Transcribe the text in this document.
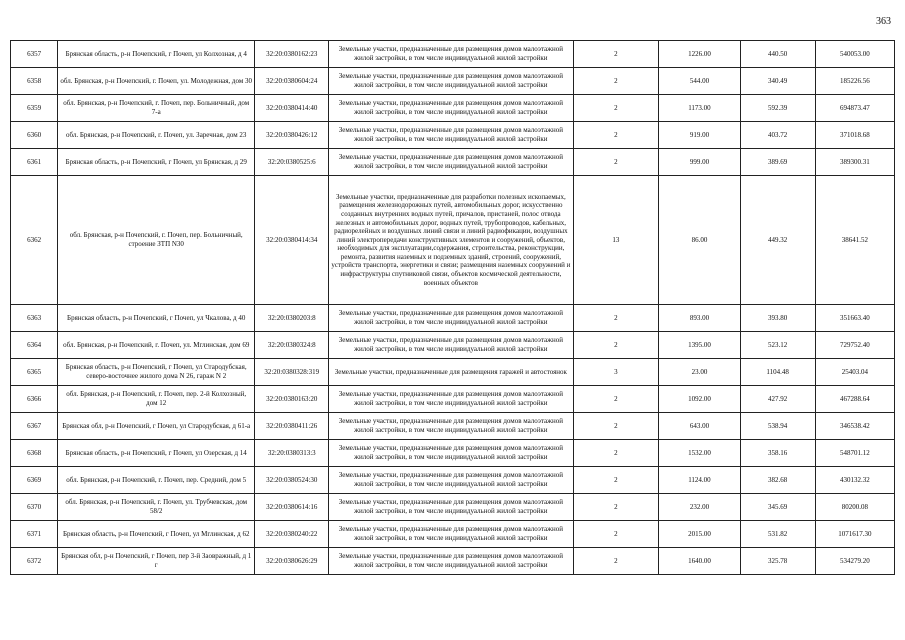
363
6357	Брянская область, р-н Почепский, г Почеп, ул Колхозная, д 4	32:20:0380162:23	Земельные участки, предназначенные для размещения домов малоэтажной жилой застройки, в том числе индивидуальной жилой застройки	2	1226.00	440.50	540053.00
6358	обл. Брянская, р-н Почепский, г. Почеп, ул. Молодежная, дом 30	32:20:0380604:24	Земельные участки, предназначенные для размещения домов малоэтажной жилой застройки, в том числе индивидуальной жилой застройки	2	544.00	340.49	185226.56
6359	обл. Брянская, р-н Почепский, г. Почеп, пер. Больничный, дом 7-а	32:20:0380414:40	Земельные участки, предназначенные для размещения домов малоэтажной жилой застройки, в том числе индивидуальной жилой застройки	2	1173.00	592.39	694873.47
6360	обл. Брянская, р-н Почепский, г. Почеп, ул. Заречная, дом 23	32:20:0380426:12	Земельные участки, предназначенные для размещения домов малоэтажной жилой застройки, в том числе индивидуальной жилой застройки	2	919.00	403.72	371018.68
6361	Брянская область, р-н Почепский, г Почеп, ул Брянская, д 29	32:20:0380525:6	Земельные участки, предназначенные для размещения домов малоэтажной жилой застройки, в том числе индивидуальной жилой застройки	2	999.00	389.69	389300.31
6362	обл. Брянская, р-н Почепский, г. Почеп, пер. Больничный, строение ЗТП N30	32:20:0380414:34	Земельные участки, предназначенные для разработки полезных ископаемых, размещения железнодорожных путей, автомобильных дорог, искусственно созданных внутренних водных путей, причалов, пристаней, полос отвода железных и автомобильных дорог, водных путей, трубопроводов, кабельных, радиорелейных и воздушных линий связи и линий радиофикации, воздушных линий электропередачи конструктивных элементов и сооружений, объектов, необходимых для эксплуатации,содержания, строительства, реконструкции, ремонта, развития наземных и подземных зданий, строений, сооружений, устройств транспорта, энергетики и связи; размещения наземных сооружений и инфраструктуры спутниковой связи, объектов космической деятельности, военных объектов	13	86.00	449.32	38641.52
6363	Брянская область, р-н Почепский, г Почеп, ул Чкалова, д 40	32:20:0380203:8	Земельные участки, предназначенные для размещения домов малоэтажной жилой застройки, в том числе индивидуальной жилой застройки	2	893.00	393.80	351663.40
6364	обл. Брянская, р-н Почепский, г. Почеп, ул. Мглинская, дом 69	32:20:0380324:8	Земельные участки, предназначенные для размещения домов малоэтажной жилой застройки, в том числе индивидуальной жилой застройки	2	1395.00	523.12	729752.40
6365	Брянская область, р-н Почепский, г Почеп, ул Стародубская, северо-восточнее жилого дома N 26, гараж N 2	32:20:0380328:319	Земельные участки, предназначенные для размещения гаражей и автостоянок	3	23.00	1104.48	25403.04
6366	обл. Брянская, р-н Почепский, г. Почеп, пер. 2-й Колхозный, дом 12	32:20:0380163:20	Земельные участки, предназначенные для размещения домов малоэтажной жилой застройки, в том числе индивидуальной жилой застройки	2	1092.00	427.92	467288.64
6367	Брянская обл, р-н Почепский, г Почеп, ул Стародубская, д 61-а	32:20:0380411:26	Земельные участки, предназначенные для размещения домов малоэтажной жилой застройки, в том числе индивидуальной жилой застройки	2	643.00	538.94	346538.42
6368	Брянская область, р-н Почепский, г Почеп, ул Озерская, д 14	32:20:0380313:3	Земельные участки, предназначенные для размещения домов малоэтажной жилой застройки, в том числе индивидуальной жилой застройки	2	1532.00	358.16	548701.12
6369	обл. Брянская, р-н Почепский, г. Почеп, пер. Средний, дом 5	32:20:0380524:30	Земельные участки, предназначенные для размещения домов малоэтажной жилой застройки, в том числе индивидуальной жилой застройки	2	1124.00	382.68	430132.32
6370	обл. Брянская, р-н Почепский, г. Почеп, ул. Трубчевская, дом 58/2	32:20:0380614:16	Земельные участки, предназначенные для размещения домов малоэтажной жилой застройки, в том числе индивидуальной жилой застройки	2	232.00	345.69	80200.08
6371	Брянская область, р-н Почепский, г Почеп, ул Мглинская, д 62	32:20:0380240:22	Земельные участки, предназначенные для размещения домов малоэтажной жилой застройки, в том числе индивидуальной жилой застройки	2	2015.00	531.82	1071617.30
6372	Брянская обл, р-н Почепский, г Почеп, пер 3-й Заовражный, д 1 г	32:20:0380626:29	Земельные участки, предназначенные для размещения домов малоэтажной жилой застройки, в том числе индивидуальной жилой застройки	2	1640.00	325.78	534279.20
